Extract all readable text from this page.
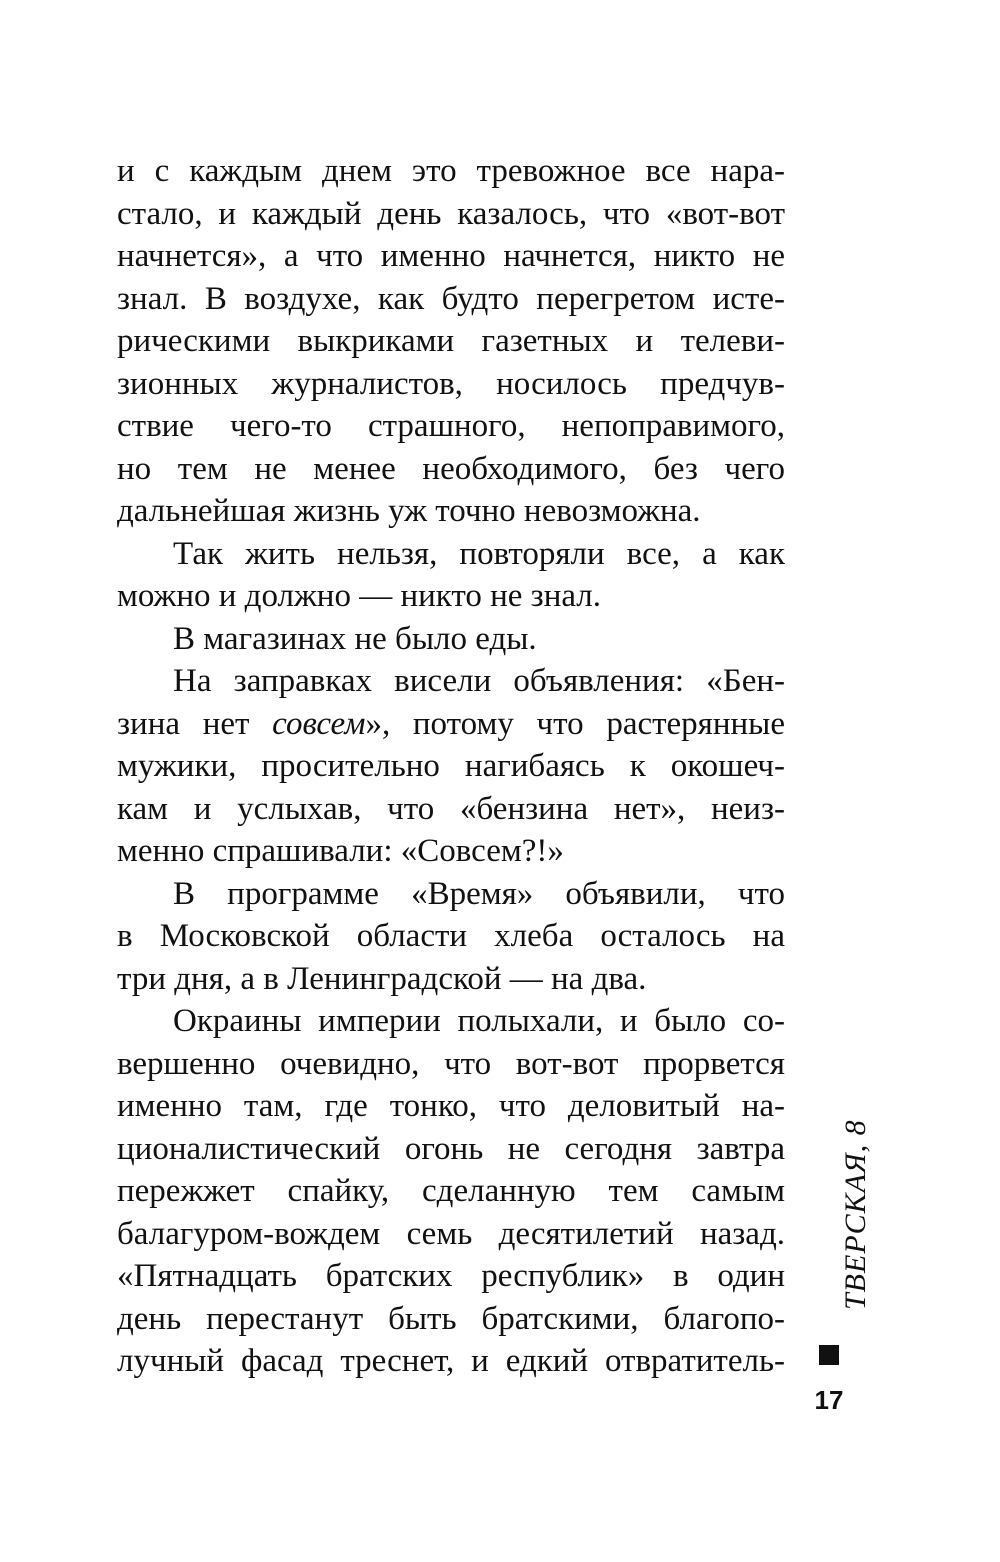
и с каждым днем это тревожное все нара-
стало, и каждый день казалось, что «вот-вот
начнется», а что именно начнется, никто не
знал. В воздухе, как будто перегретом исте-
рическими выкриками газетных и телеви-
зионных журналистов, носилось предчув-
ствие чего-то страшного, непоправимого,
но тем не менее необходимого, без чего
дальнейшая жизнь уж точно невозможна.
Так жить нельзя, повторяли все, а как
можно и должно — никто не знал.
В магазинах не было еды.
На заправках висели объявления: «Бен-
зина нет совсем», потому что растерянные
мужики, просительно нагибаясь к окошеч-
кам и услыхав, что «бензина нет», неиз-
менно спрашивали: «Совсем?!»
В программе «Время» объявили, что
в Московской области хлеба осталось на
три дня, а в Ленинградской — на два.
Окраины империи полыхали, и было со-
вершенно очевидно, что вот-вот прорвется
именно там, где тонко, что деловитый на-
ционалистический огонь не сегодня завтра
пережжет спайку, сделанную тем самым
балагуром-вождем семь десятилетий назад.
«Пятнадцать братских республик» в один
день перестанут быть братскими, благопо-
лучный фасад треснет, и едкий отвратитель-
ТВЕРСКАЯ, 8
17
